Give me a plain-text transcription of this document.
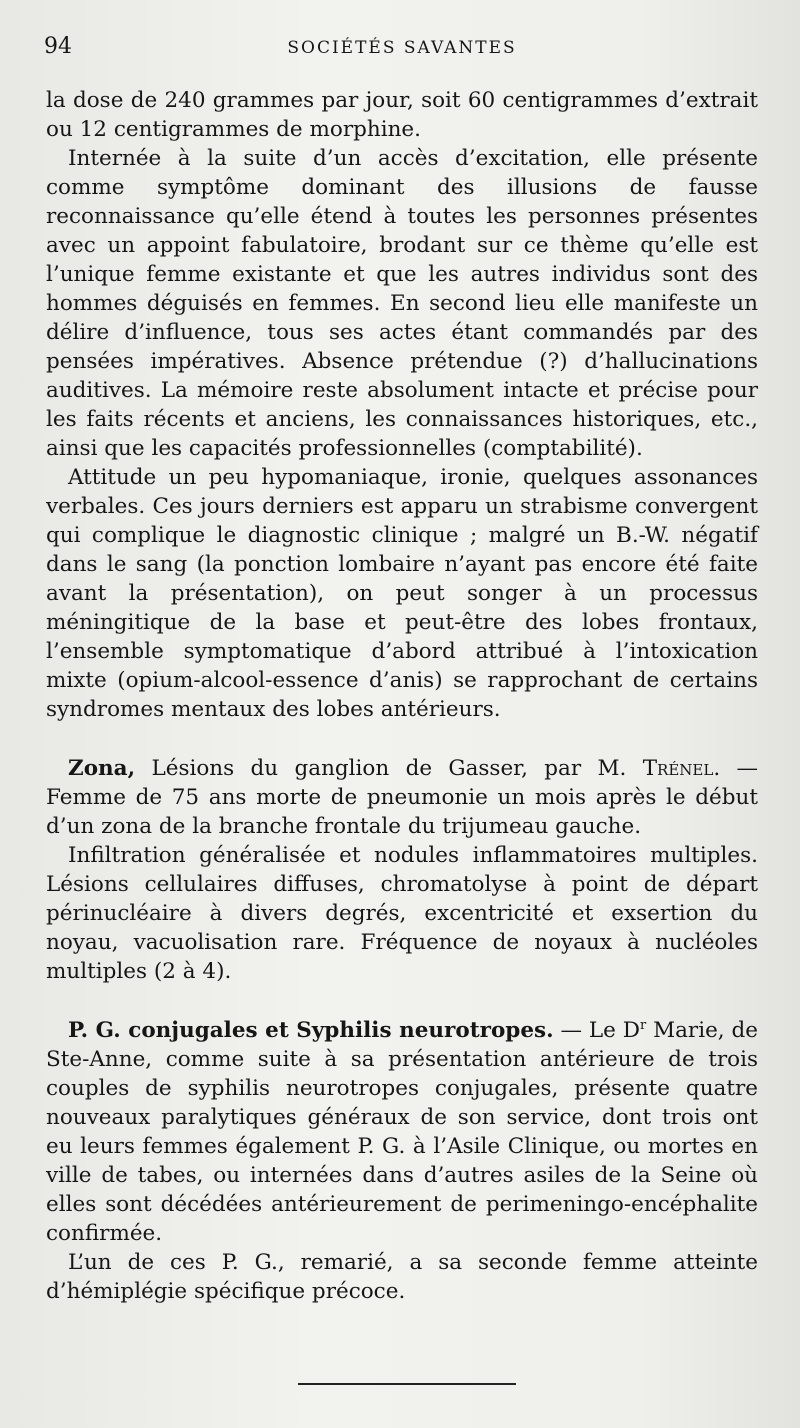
94	SOCIÉTÉS SAVANTES

la dose de 240 grammes par jour, soit 60 centigrammes d’extrait ou 12 centigrammes de morphine.

Internée à la suite d’un accès d’excitation, elle présente comme symptôme dominant des illusions de fausse reconnaissance qu’elle étend à toutes les personnes présentes avec un appoint fabulatoire, brodant sur ce thème qu’elle est l’unique femme existante et que les autres individus sont des hommes déguisés en femmes. En second lieu elle manifeste un délire d’influence, tous ses actes étant commandés par des pensées impératives. Absence prétendue (?) d’hallucinations auditives. La mémoire reste absolument intacte et précise pour les faits récents et anciens, les connaissances historiques, etc., ainsi que les capacités professionnelles (comptabilité).

Attitude un peu hypomaniaque, ironie, quelques assonances verbales. Ces jours derniers est apparu un strabisme convergent qui complique le diagnostic clinique ; malgré un B.-W. négatif dans le sang (la ponction lombaire n’ayant pas encore été faite avant la présentation), on peut songer à un processus méningitique de la base et peut-être des lobes frontaux, l’ensemble symptomatique d’abord attribué à l’intoxication mixte (opium-alcool-essence d’anis) se rapprochant de certains syndromes mentaux des lobes antérieurs.

Zona, Lésions du ganglion de Gasser, par M. Trénel. — Femme de 75 ans morte de pneumonie un mois après le début d’un zona de la branche frontale du trijumeau gauche.

Infiltration généralisée et nodules inflammatoires multiples. Lésions cellulaires diffuses, chromatolyse à point de départ périnucléaire à divers degrés, excentricité et exsertion du noyau, vacuolisation rare. Fréquence de noyaux à nucléoles multiples (2 à 4).

P. G. conjugales et Syphilis neurotropes. — Le $D^r$ Marie, de Ste-Anne, comme suite à sa présentation antérieure de trois couples de syphilis neurotropes conjugales, présente quatre nouveaux paralytiques généraux de son service, dont trois ont eu leurs femmes également P. G. à l’Asile Clinique, ou mortes en ville de tabes, ou internées dans d’autres asiles de la Seine où elles sont décédées antérieurement de perimeningo-encéphalite confirmée.

L’un de ces P. G., remarié, a sa seconde femme atteinte d’hémiplégie spécifique précoce.
